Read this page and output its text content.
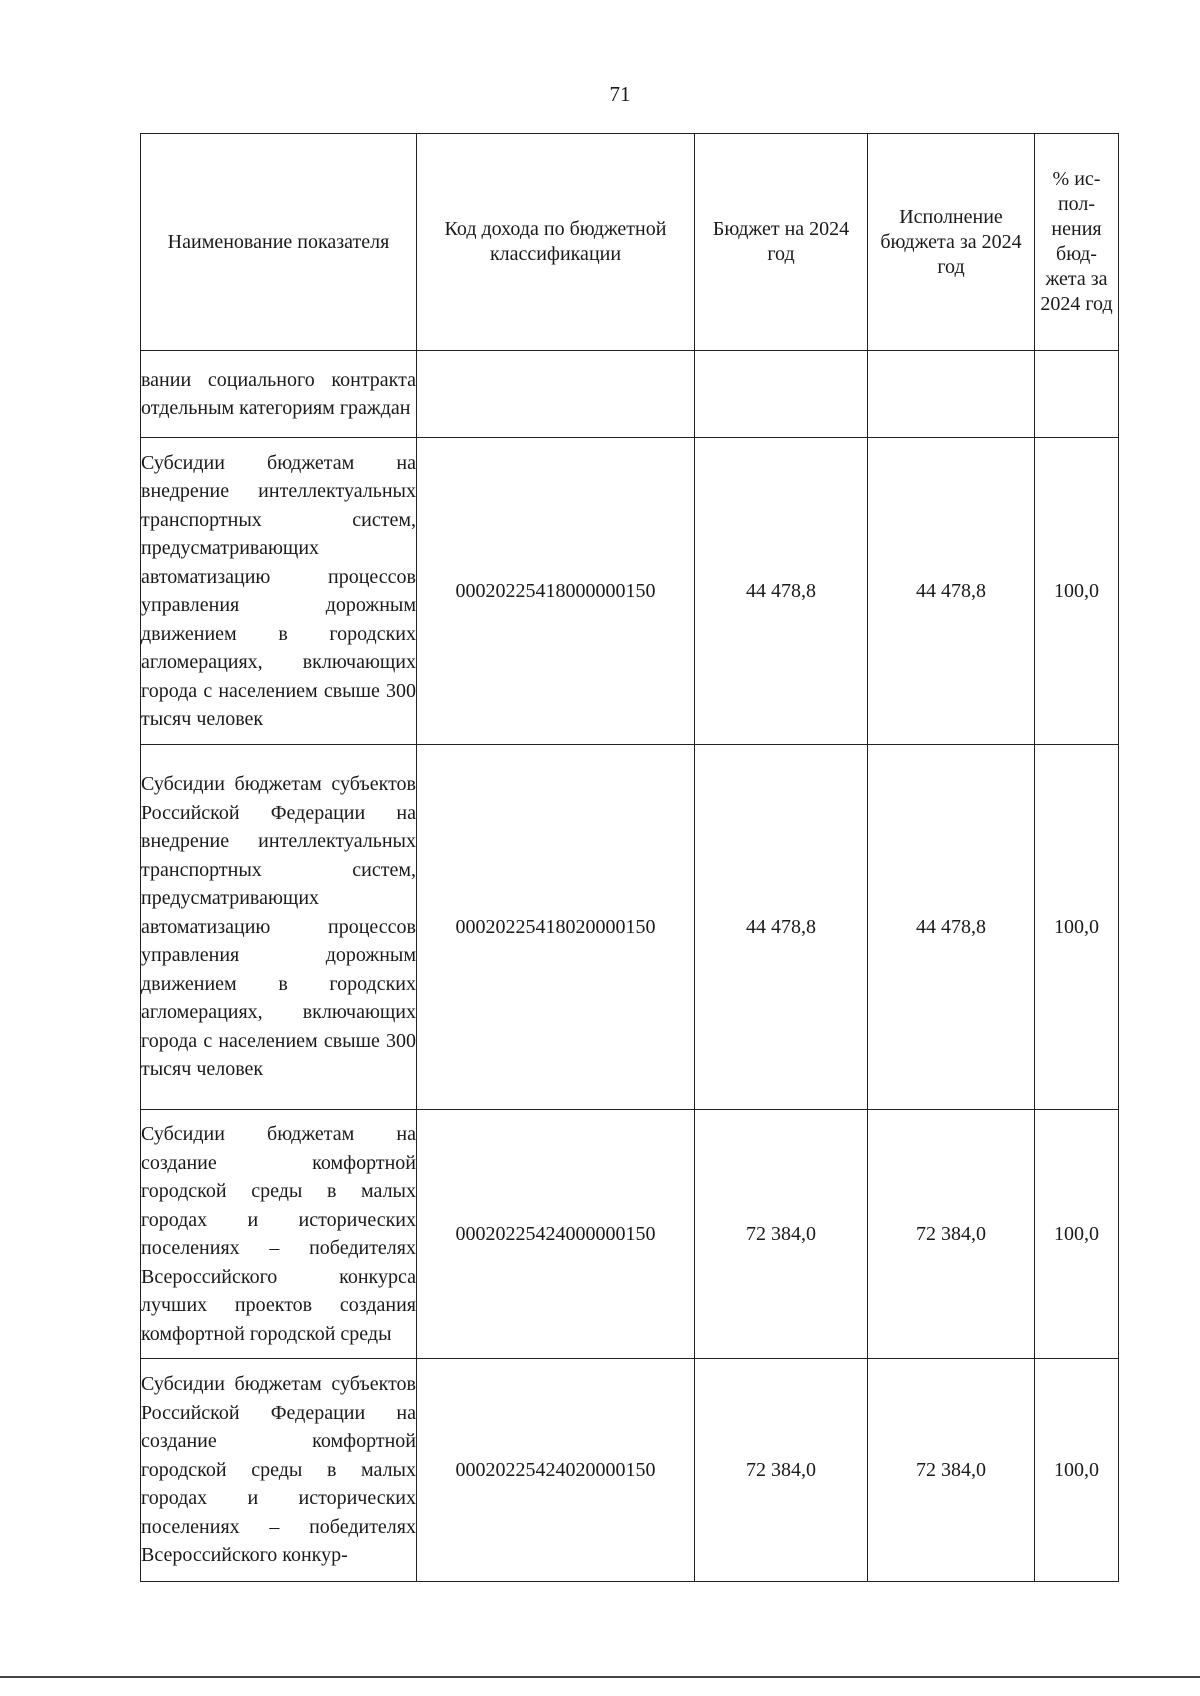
71
Наименование показателя	Код дохода по бюджетной классификации	Бюджет на 2024 год	Исполнение бюджета за 2024 год	% ис-пол-нения бюд-жета за 2024 год
вании социального контракта отдельным категориям граждан				
Субсидии бюджетам на внедрение интеллектуальных транспортных систем, предусматривающих автоматизацию процессов управления дорожным движением в городских агломерациях, включающих города с населением свыше 300 тысяч человек	00020225418000000150	44 478,8	44 478,8	100,0
Субсидии бюджетам субъектов Российской Федерации на внедрение интеллектуальных транспортных систем, предусматривающих автоматизацию процессов управления дорожным движением в городских агломерациях, включающих города с населением свыше 300 тысяч человек	00020225418020000150	44 478,8	44 478,8	100,0
Субсидии бюджетам на создание комфортной городской среды в малых городах и исторических поселениях – победителях Всероссийского конкурса лучших проектов создания комфортной городской среды	00020225424000000150	72 384,0	72 384,0	100,0
Субсидии бюджетам субъектов Российской Федерации на создание комфортной городской среды в малых городах и исторических поселениях – победителях Всероссийского конкур-	00020225424020000150	72 384,0	72 384,0	100,0
